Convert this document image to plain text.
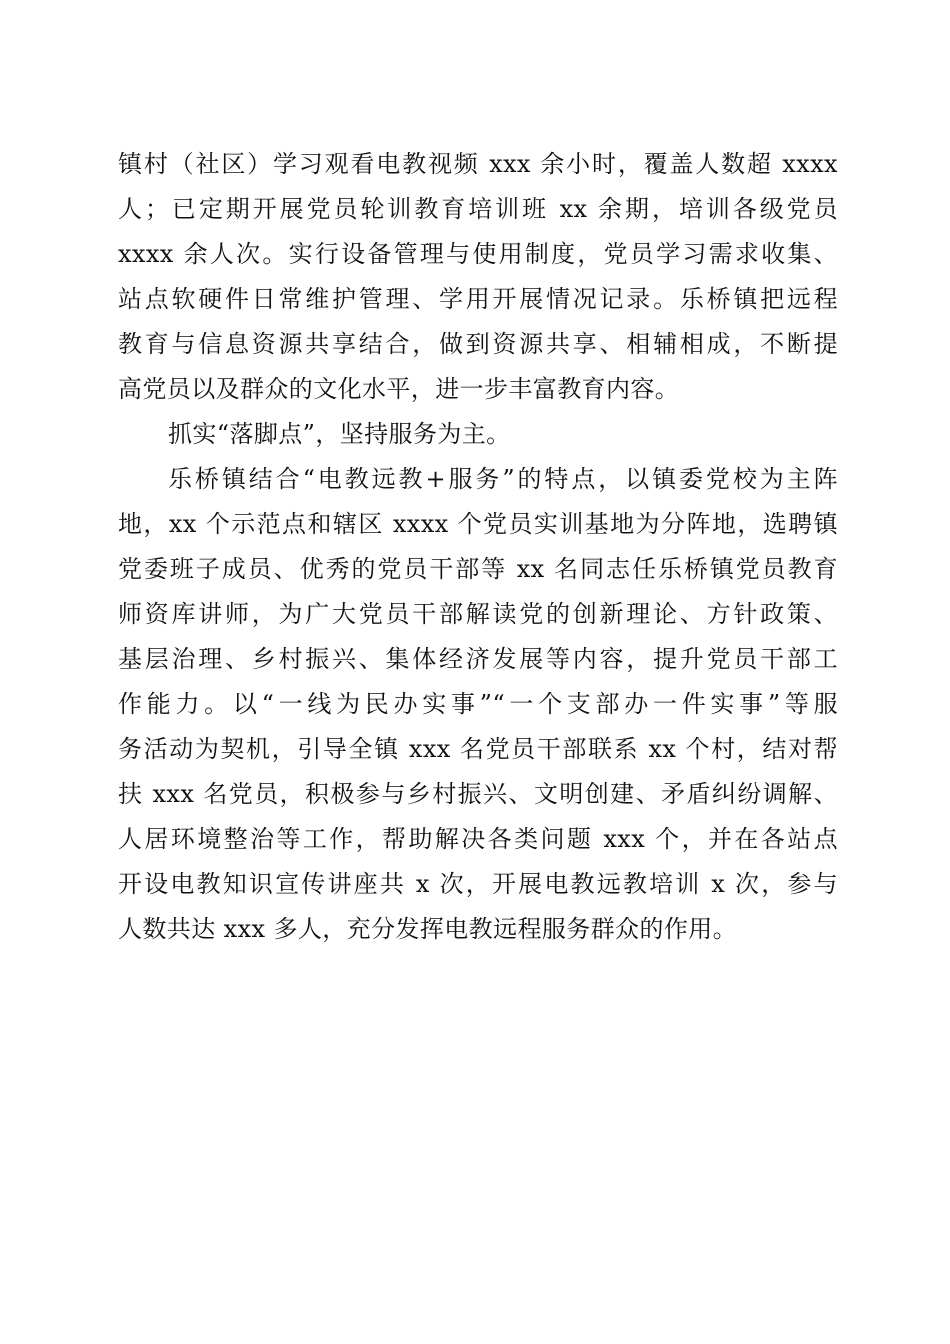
镇村（社区）学习观看电教视频 xxx 余小时，覆盖人数超 xxxx
人；已定期开展党员轮训教育培训班 xx 余期，培训各级党员
xxxx 余人次。实行设备管理与使用制度，党员学习需求收集、
站点软硬件日常维护管理、学用开展情况记录。乐桥镇把远程
教育与信息资源共享结合，做到资源共享、相辅相成，不断提
高党员以及群众的文化水平，进一步丰富教育内容。
抓实“落脚点”，坚持服务为主。
乐桥镇结合“电教远教+服务”的特点，以镇委党校为主阵
地，xx 个示范点和辖区 xxxx 个党员实训基地为分阵地，选聘镇
党委班子成员、优秀的党员干部等 xx 名同志任乐桥镇党员教育
师资库讲师，为广大党员干部解读党的创新理论、方针政策、
基层治理、乡村振兴、集体经济发展等内容，提升党员干部工
作能力。以“一线为民办实事”“一个支部办一件实事”等服
务活动为契机，引导全镇 xxx 名党员干部联系 xx 个村，结对帮
扶 xxx 名党员，积极参与乡村振兴、文明创建、矛盾纠纷调解、
人居环境整治等工作，帮助解决各类问题 xxx 个，并在各站点
开设电教知识宣传讲座共 x 次，开展电教远教培训 x 次，参与
人数共达 xxx 多人，充分发挥电教远程服务群众的作用。
